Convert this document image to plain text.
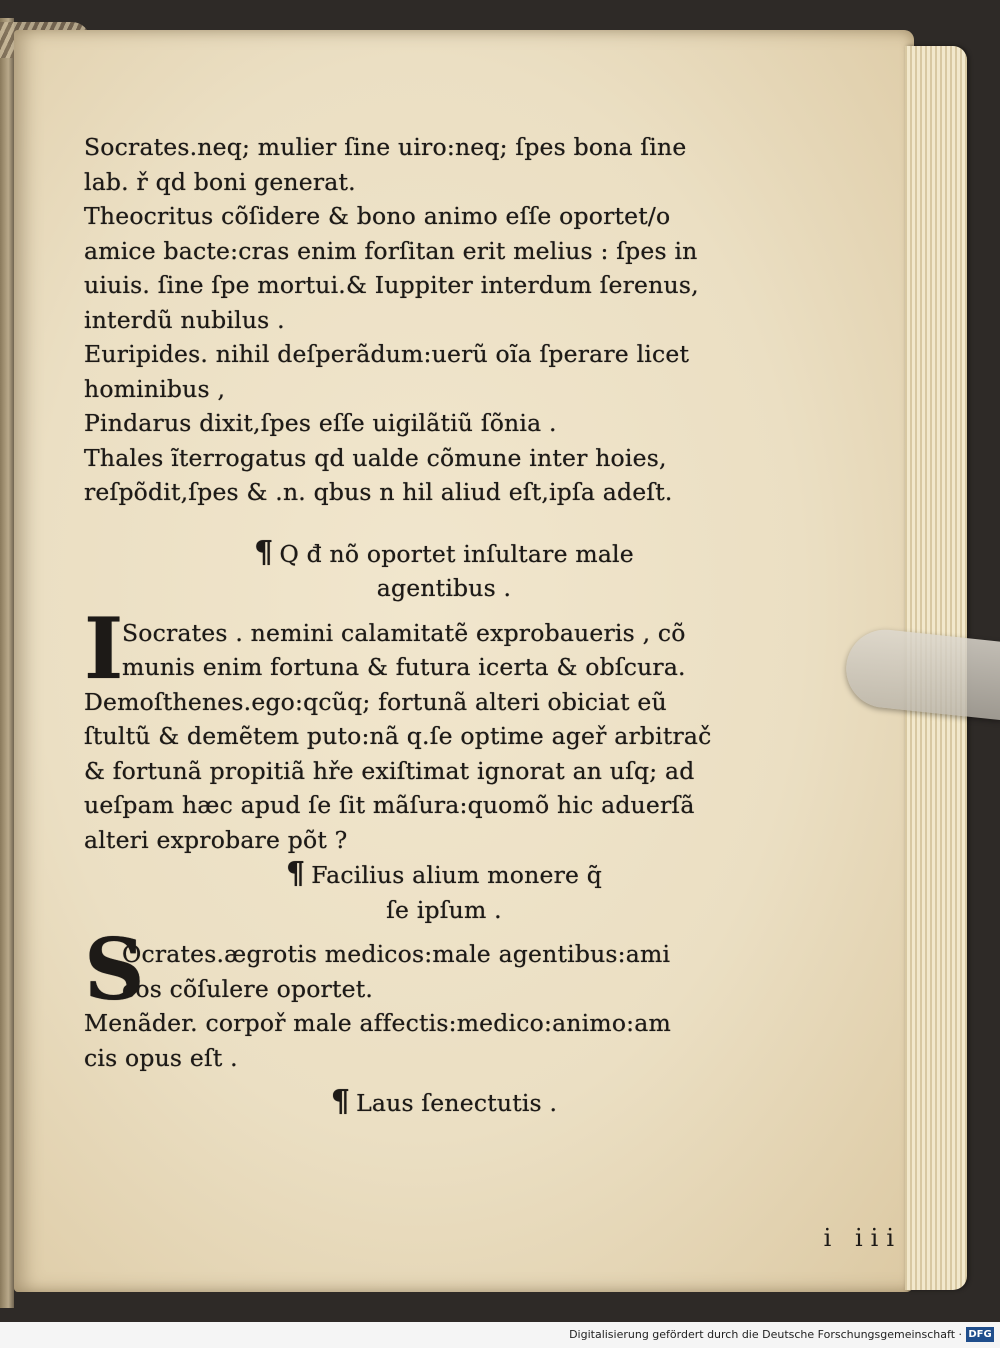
Socrates.neq; mulier ſine uiro:neq; ſpes bona ſine
lab. ř qd boni generat.
Theocritus cõſidere & bono animo eſſe oportet/o
amice bacte:cras enim forſitan erit melius : ſpes in
uiuis. ſine ſpe mortui.& Iuppiter interdum ſerenus,
interdũ nubilus .
Euripides. nihil deſperãdum:uerũ oĩa ſperare licet
hominibus ,
Pindarus dixit,ſpes eſſe uigilãtiũ ſõnia .
Thales ĩterrogatus qd ualde cõmune inter hoies,
reſpõdit,ſpes & .n. qbus n hil aliud eſt,ipſa adeſt.
¶ Q đ nõ oportet inſultare male
agentibus .
I
Socrates . nemini calamitatẽ exprobaueris , cõ
munis enim fortuna & futura icerta & obſcura.
Demoſthenes.ego:qcũq; fortunã alteri obiciat eũ
ſtultũ & demẽtem puto:nã q.ſe optime ageř arbitrač
& fortunã propitiã hře exiſtimat ignorat an uſq; ad
ueſpam hæc apud ſe ſit mãſura:quomõ hic aduerſã
alteri exprobare põt ?
¶ Facilius alium monere q̃
ſe ipſum .
S
Ocrates.ægrotis medicos:male agentibus:ami
cos cõſulere oportet.
Menãder. corpoř male affectis:medico:animo:am
cis opus eſt .
¶ Laus ſenectutis .
i iii
Digitalisierung gefördert durch die Deutsche Forschungsgemeinschaft · DFG
